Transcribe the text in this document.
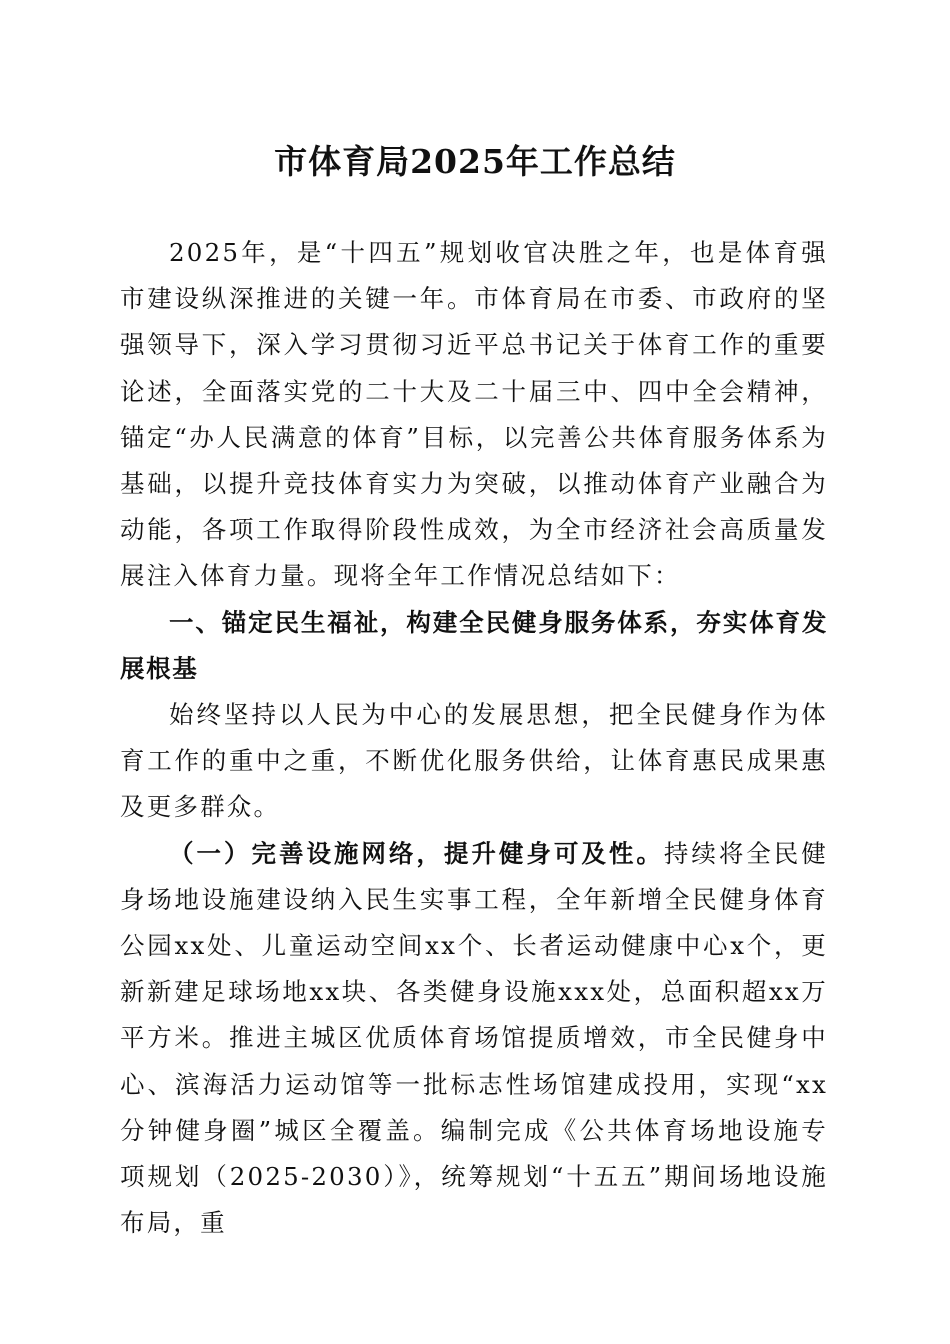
市体育局2025年工作总结

2025年，是“十四五”规划收官决胜之年，也是体育强市建设纵深推进的关键一年。市体育局在市委、市政府的坚强领导下，深入学习贯彻习近平总书记关于体育工作的重要论述，全面落实党的二十大及二十届三中、四中全会精神，锚定“办人民满意的体育”目标，以完善公共体育服务体系为基础，以提升竞技体育实力为突破，以推动体育产业融合为动能，各项工作取得阶段性成效，为全市经济社会高质量发展注入体育力量。现将全年工作情况总结如下：

一、锚定民生福祉，构建全民健身服务体系，夯实体育发展根基

始终坚持以人民为中心的发展思想，把全民健身作为体育工作的重中之重，不断优化服务供给，让体育惠民成果惠及更多群众。

（一）完善设施网络，提升健身可及性。持续将全民健身场地设施建设纳入民生实事工程，全年新增全民健身体育公园xx处、儿童运动空间xx个、长者运动健康中心x个，更新新建足球场地xx块、各类健身设施xxx处，总面积超xx万平方米。推进主城区优质体育场馆提质增效，市全民健身中心、滨海活力运动馆等一批标志性场馆建成投用，实现“xx分钟健身圈”城区全覆盖。编制完成《公共体育场地设施专项规划（2025-2030）》，统筹规划“十五五”期间场地设施布局，重
